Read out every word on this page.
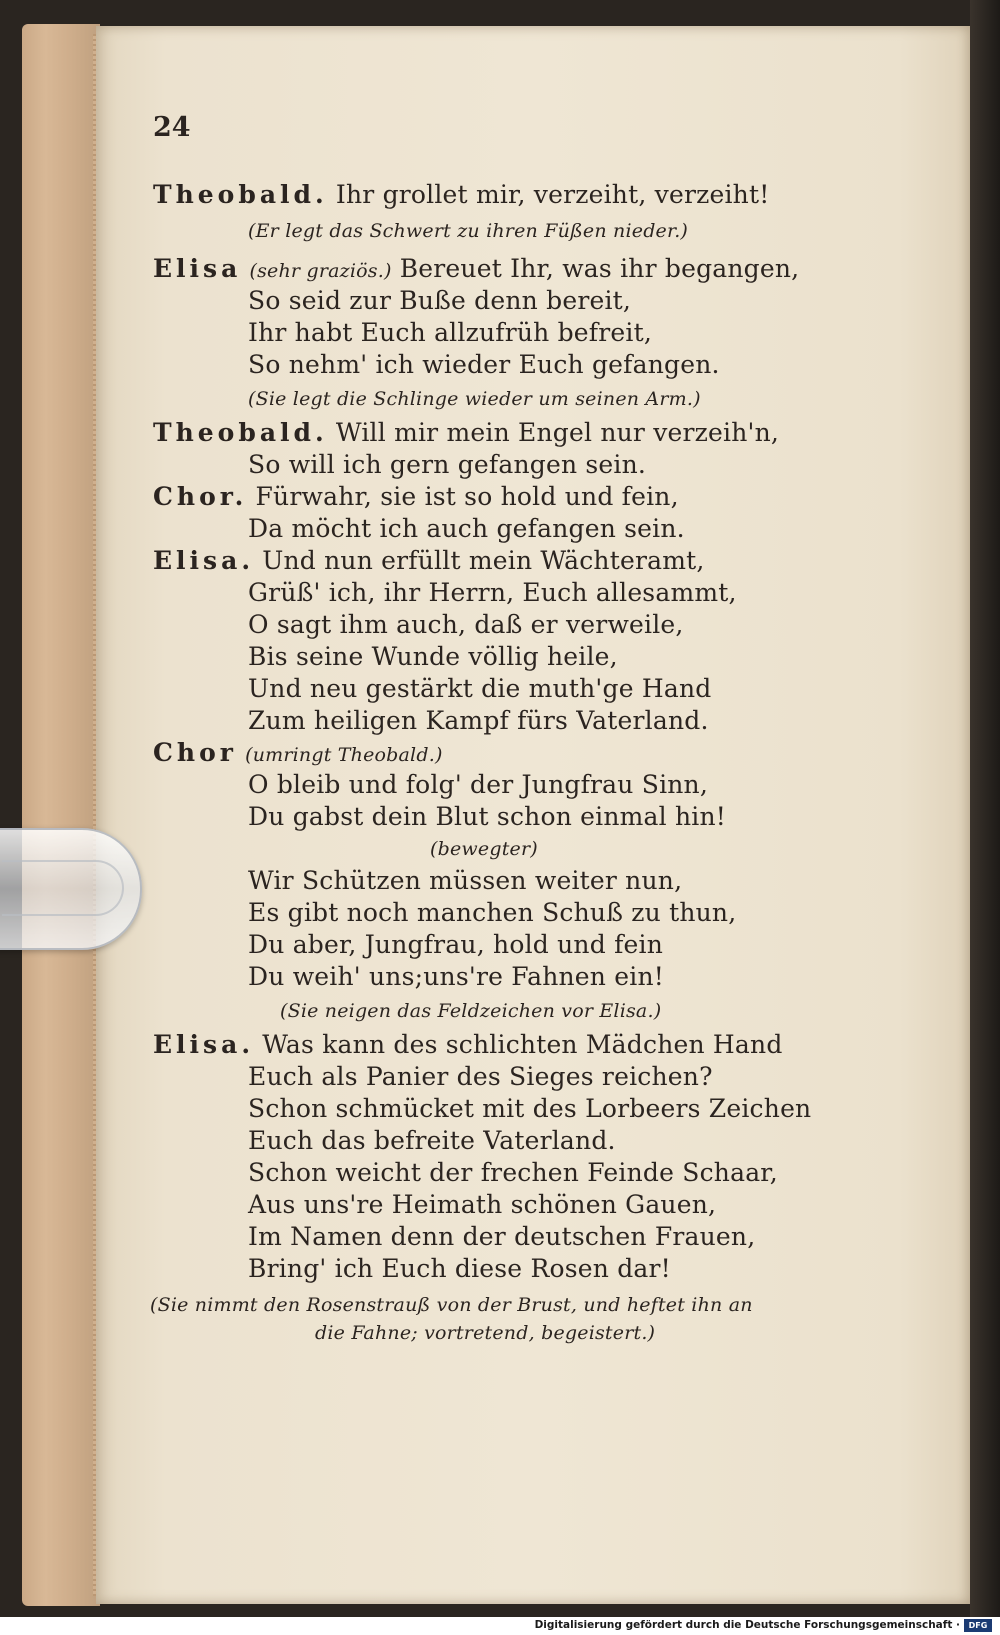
24
Theobald. Ihr grollet mir, verzeiht, verzeiht!
(Er legt das Schwert zu ihren Füßen nieder.)
Elisa (sehr graziös.) Bereuet Ihr, was ihr begangen,
So seid zur Buße denn bereit,
Ihr habt Euch allzufrüh befreit,
So nehm' ich wieder Euch gefangen.
(Sie legt die Schlinge wieder um seinen Arm.)
Theobald. Will mir mein Engel nur verzeih'n,
So will ich gern gefangen sein.
Chor. Fürwahr, sie ist so hold und fein,
Da möcht ich auch gefangen sein.
Elisa. Und nun erfüllt mein Wächteramt,
Grüß' ich, ihr Herrn, Euch allesammt,
O sagt ihm auch, daß er verweile,
Bis seine Wunde völlig heile,
Und neu gestärkt die muth'ge Hand
Zum heiligen Kampf fürs Vaterland.
Chor (umringt Theobald.)
O bleib und folg' der Jungfrau Sinn,
Du gabst dein Blut schon einmal hin!
(bewegter)
Wir Schützen müssen weiter nun,
Es gibt noch manchen Schuß zu thun,
Du aber, Jungfrau, hold und fein
Du weih' uns;uns're Fahnen ein!
(Sie neigen das Feldzeichen vor Elisa.)
Elisa. Was kann des schlichten Mädchen Hand
Euch als Panier des Sieges reichen?
Schon schmücket mit des Lorbeers Zeichen
Euch das befreite Vaterland.
Schon weicht der frechen Feinde Schaar,
Aus uns're Heimath schönen Gauen,
Im Namen denn der deutschen Frauen,
Bring' ich Euch diese Rosen dar!
(Sie nimmt den Rosenstrauß von der Brust, und heftet ihn an
die Fahne; vortretend, begeistert.)
Digitalisierung gefördert durch die Deutsche Forschungsgemeinschaft ·	DFG
